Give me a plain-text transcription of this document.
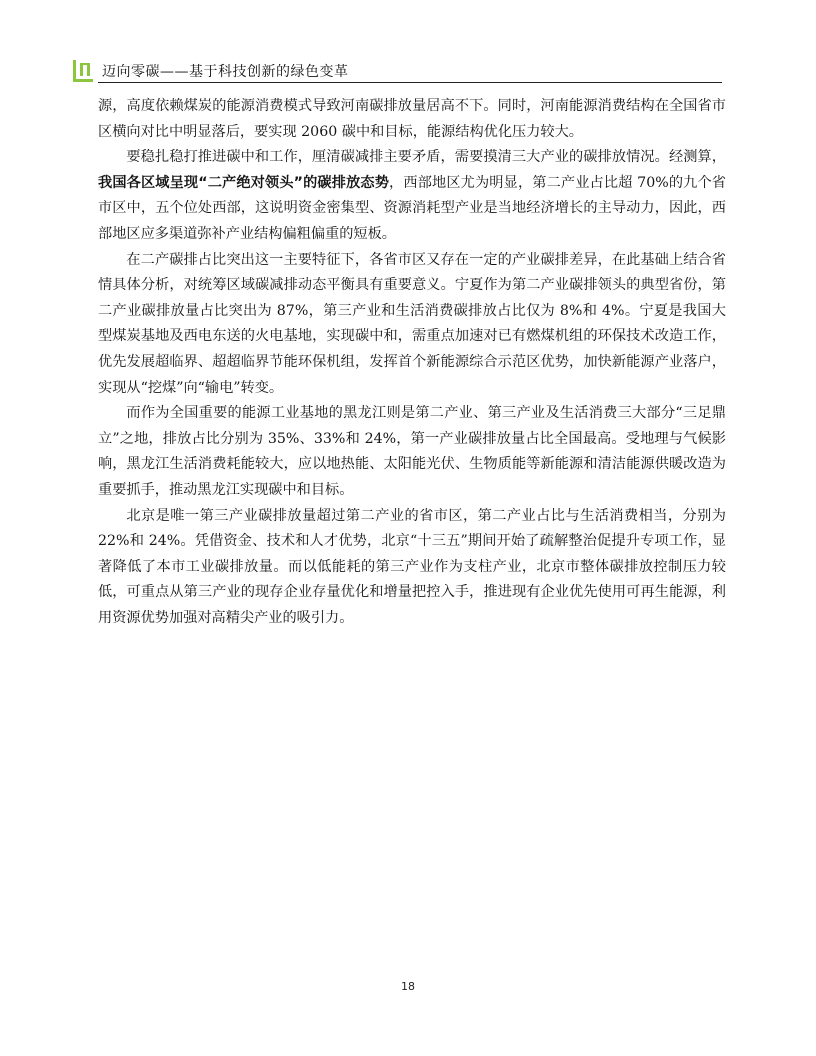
迈向零碳——基于科技创新的绿色变革

源，高度依赖煤炭的能源消费模式导致河南碳排放量居高不下。同时，河南能源消费结构在全国省市区横向对比中明显落后，要实现 2060 碳中和目标，能源结构优化压力较大。

要稳扎稳打推进碳中和工作，厘清碳减排主要矛盾，需要摸清三大产业的碳排放情况。经测算，我国各区域呈现“二产绝对领头”的碳排放态势，西部地区尤为明显，第二产业占比超 70%的九个省市区中，五个位处西部，这说明资金密集型、资源消耗型产业是当地经济增长的主导动力，因此，西部地区应多渠道弥补产业结构偏粗偏重的短板。

在二产碳排占比突出这一主要特征下，各省市区又存在一定的产业碳排差异，在此基础上结合省情具体分析，对统筹区域碳减排动态平衡具有重要意义。宁夏作为第二产业碳排领头的典型省份，第二产业碳排放量占比突出为 87%，第三产业和生活消费碳排放占比仅为 8%和 4%。宁夏是我国大型煤炭基地及西电东送的火电基地，实现碳中和，需重点加速对已有燃煤机组的环保技术改造工作，优先发展超临界、超超临界节能环保机组，发挥首个新能源综合示范区优势，加快新能源产业落户，实现从“挖煤”向“输电”转变。

而作为全国重要的能源工业基地的黑龙江则是第二产业、第三产业及生活消费三大部分“三足鼎立”之地，排放占比分别为 35%、33%和 24%，第一产业碳排放量占比全国最高。受地理与气候影响，黑龙江生活消费耗能较大，应以地热能、太阳能光伏、生物质能等新能源和清洁能源供暖改造为重要抓手，推动黑龙江实现碳中和目标。

北京是唯一第三产业碳排放量超过第二产业的省市区，第二产业占比与生活消费相当，分别为 22%和 24%。凭借资金、技术和人才优势，北京“十三五”期间开始了疏解整治促提升专项工作，显著降低了本市工业碳排放量。而以低能耗的第三产业作为支柱产业，北京市整体碳排放控制压力较低，可重点从第三产业的现存企业存量优化和增量把控入手，推进现有企业优先使用可再生能源，利用资源优势加强对高精尖产业的吸引力。

18
